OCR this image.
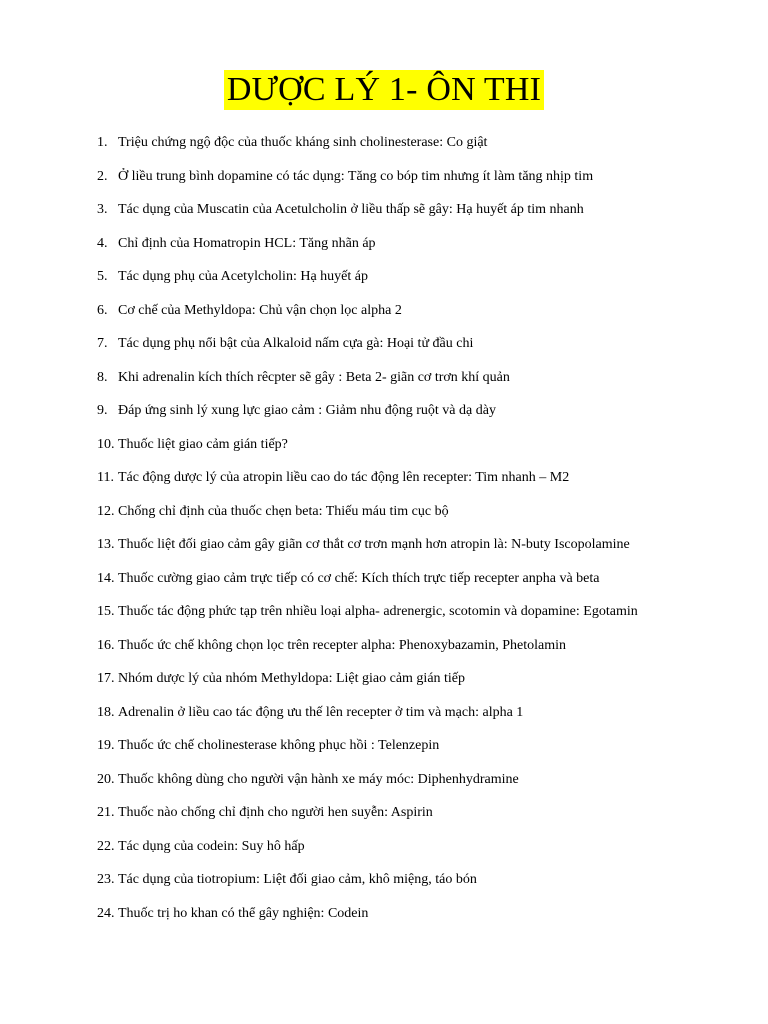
DƯỢC LÝ 1- ÔN THI
1. Triệu chứng ngộ độc của thuốc kháng sinh cholinesterase: Co giật
2. Ở liều trung bình dopamine có tác dụng: Tăng co bóp tim nhưng ít làm tăng nhịp tim
3. Tác dụng của Muscatin của Acetulcholin ở liều thấp sẽ gây: Hạ huyết áp tim nhanh
4. Chỉ định của Homatropin HCL: Tăng nhãn áp
5. Tác dụng phụ của Acetylcholin: Hạ huyết áp
6. Cơ chế của Methyldopa: Chủ vận chọn lọc alpha 2
7. Tác dụng phụ nổi bật của Alkaloid nấm cựa gà: Hoại tử đầu chi
8. Khi adrenalin kích thích rêcpter sẽ gây : Beta 2- giãn cơ trơn khí quản
9. Đáp ứng sinh lý xung lực giao cảm : Giảm nhu động ruột và dạ dày
10. Thuốc liệt giao cảm gián tiếp?
11. Tác động dược lý của atropin liều cao do tác động lên recepter: Tim nhanh – M2
12. Chống chỉ định của thuốc chẹn beta: Thiếu máu tim cục bộ
13. Thuốc liệt đối giao cảm gây giãn cơ thắt cơ trơn mạnh hơn atropin là: N-buty Iscopolamine
14. Thuốc cường giao cảm trực tiếp có cơ chế: Kích thích trực tiếp recepter anpha và beta
15. Thuốc tác động phức tạp trên nhiều loại alpha- adrenergic, scotomin và dopamine: Egotamin
16. Thuốc ức chế không chọn lọc trên recepter alpha: Phenoxybazamin, Phetolamin
17. Nhóm dược lý của nhóm Methyldopa: Liệt giao cảm gián tiếp
18. Adrenalin ở liều cao tác động ưu thế lên recepter ở tim và mạch: alpha 1
19. Thuốc ức chế cholinesterase không phục hồi : Telenzepin
20. Thuốc không dùng cho người vận hành xe máy móc: Diphenhydramine
21. Thuốc nào chống chỉ định cho người hen suyễn: Aspirin
22. Tác dụng của codein: Suy hô hấp
23. Tác dụng của tiotropium: Liệt đối giao cảm, khô miệng, táo bón
24. Thuốc trị ho khan có thể gây nghiện: Codein
